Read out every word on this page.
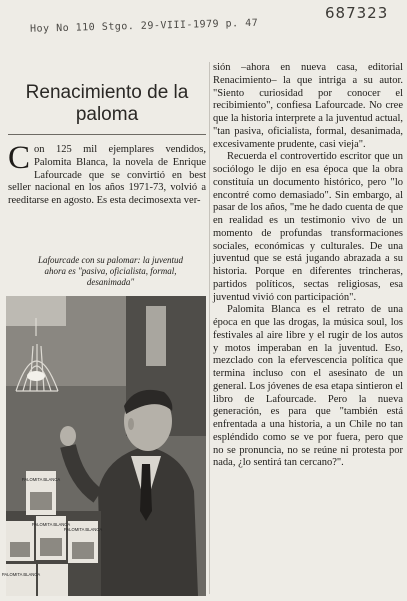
Hoy No 110 Stgo. 29-VIII-1979 p. 47
687323
Renacimiento de la paloma

Con 125 mil ejemplares vendidos, Palomita Blanca, la novela de Enrique Lafourcade que se convirtió en best seller nacional en los años 1971-73, volvió a reeditarse en agosto. Es esta decimosexta ver-

Lafourcade con su palomar: la juventud ahora es "pasiva, oficialista, formal, desanimada"
PALOMITA BLANCA
PALOMITA BLANCA
PALOMITA BLANCA
PALOMITA BLANCA

sión –ahora en nueva casa, editorial Renacimiento– la que intriga a su autor. "Siento curiosidad por conocer el recibimiento", confiesa Lafourcade. No cree que la historia interprete a la juventud actual, "tan pasiva, oficialista, formal, desanimada, excesivamente prudente, casi vieja".

Recuerda el controvertido escritor que un sociólogo le dijo en esa época que la obra constituía un documento histórico, pero "lo encontré como demasiado". Sin embargo, al pasar de los años, "me he dado cuenta de que en realidad es un testimonio vivo de un momento de profundas transformaciones sociales, económicas y culturales. De una juventud que se está jugando abrazada a su historia. Porque en diferentes trincheras, partidos políticos, sectas religiosas, esa juventud vivió con participación".

Palomita Blanca es el retrato de una época en que las drogas, la música soul, los festivales al aire libre y el rugir de los autos y motos imperaban en la juventud. Eso, mezclado con la efervescencia política que termina incluso con el asesinato de un general. Los jóvenes de esa etapa sintieron el libro de Lafourcade. Pero la nueva generación, es para que "también está enfrentada a una historia, a un Chile no tan espléndido como se ve por fuera, pero que no se pronuncia, no se reúne ni protesta por nada, ¿lo sentirá tan cercano?".
